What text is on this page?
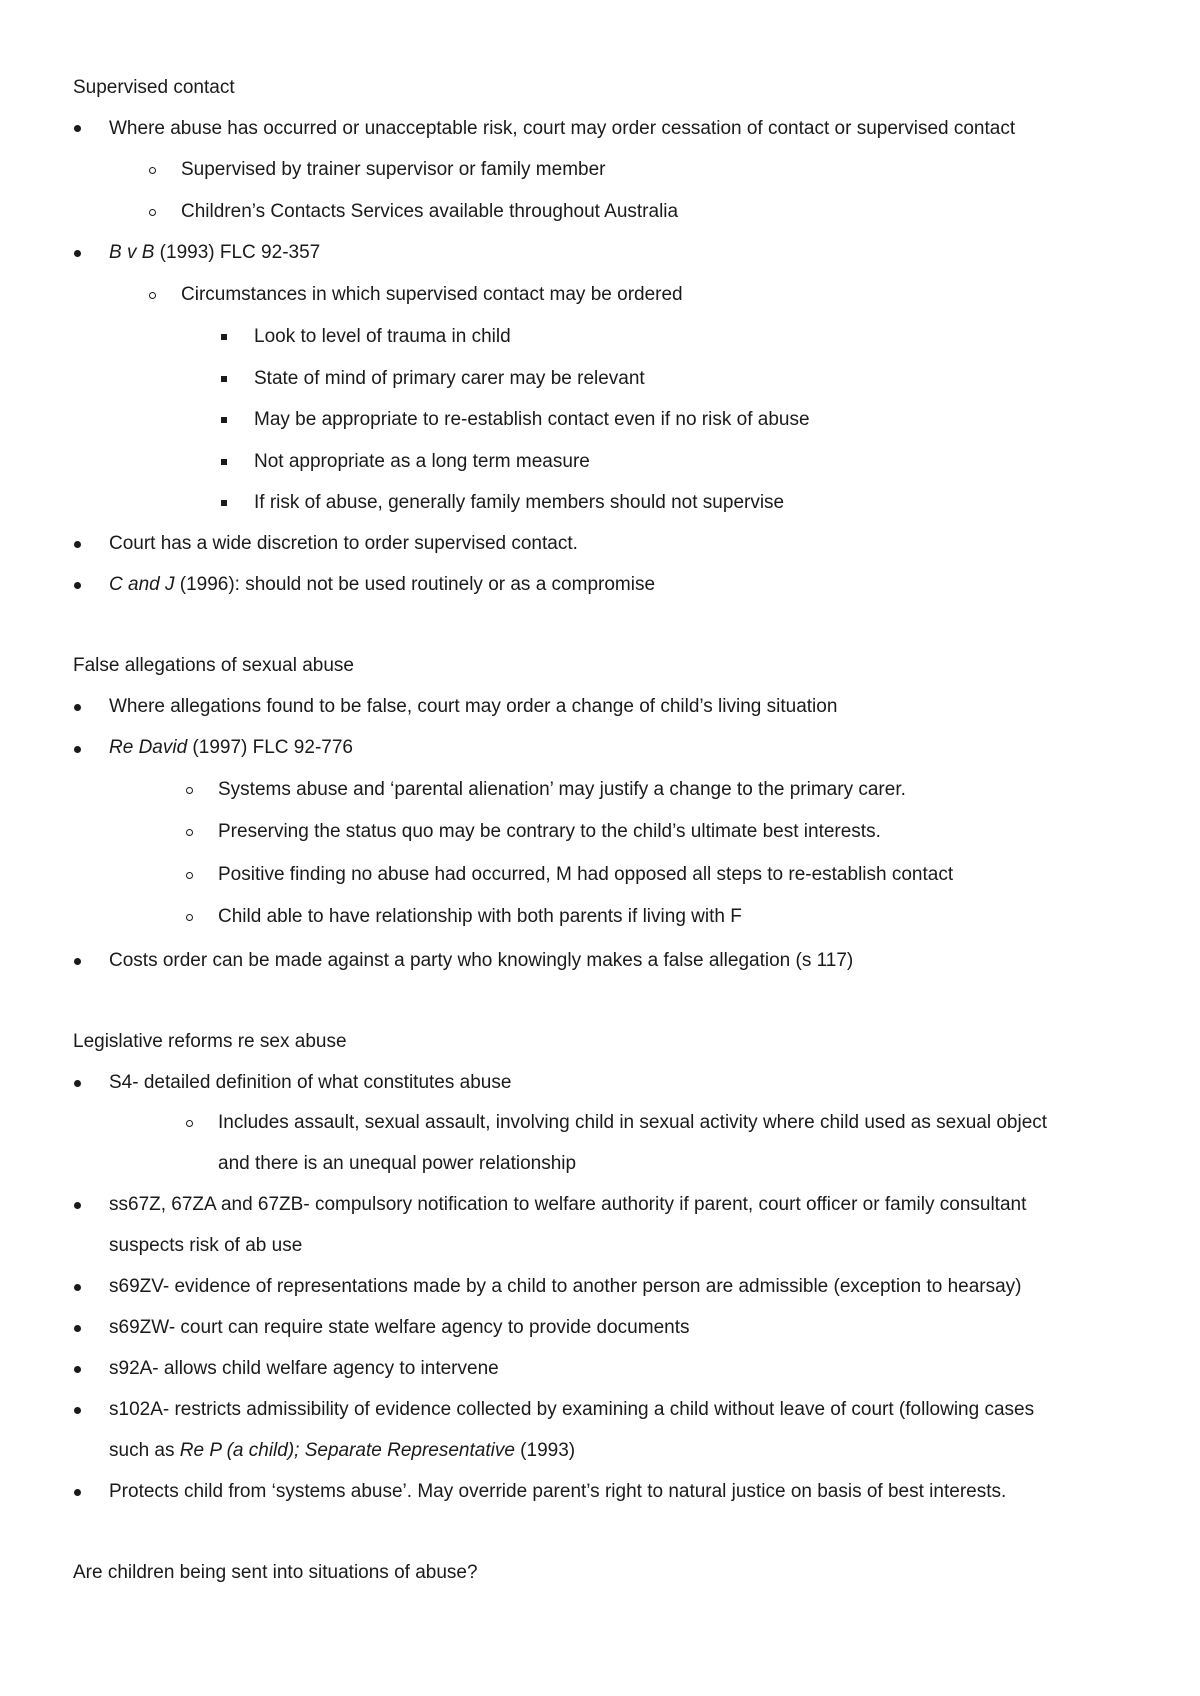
Supervised contact
Where abuse has occurred or unacceptable risk, court may order cessation of contact or supervised contact
Supervised by trainer supervisor or family member
Children’s Contacts Services available throughout Australia
B v B (1993) FLC 92-357
Circumstances in which supervised contact may be ordered
Look to level of trauma in child
State of mind of primary carer may be relevant
May be appropriate to re-establish contact even if no risk of abuse
Not appropriate as a long term measure
If risk of abuse, generally family members should not supervise
Court has a wide discretion to order supervised contact.
C and J (1996): should not be used routinely or as a compromise
False allegations of sexual abuse
Where allegations found to be false, court may order a change of child’s living situation
Re David (1997) FLC 92-776
Systems abuse and ‘parental alienation’ may justify a change to the primary carer.
Preserving the status quo may be contrary to the child’s ultimate best interests.
Positive finding no abuse had occurred, M had opposed all steps to re-establish contact
Child able to have relationship with both parents if living with F
Costs order can be made against a party who knowingly makes a false allegation (s 117)
Legislative reforms re sex abuse
S4- detailed definition of what constitutes abuse
Includes assault, sexual assault, involving child in sexual activity where child used as sexual object
and there is an unequal power relationship
ss67Z, 67ZA and 67ZB- compulsory notification to welfare authority if parent, court officer or family consultant
suspects risk of ab use
s69ZV- evidence of representations made by a child to another person are admissible (exception to hearsay)
s69ZW- court can require state welfare agency to provide documents
s92A- allows child welfare agency to intervene
s102A- restricts admissibility of evidence collected by examining a child without leave of court (following cases
such as Re P (a child); Separate Representative (1993)
Protects child from ‘systems abuse’. May override parent’s right to natural justice on basis of best interests.
Are children being sent into situations of abuse?
